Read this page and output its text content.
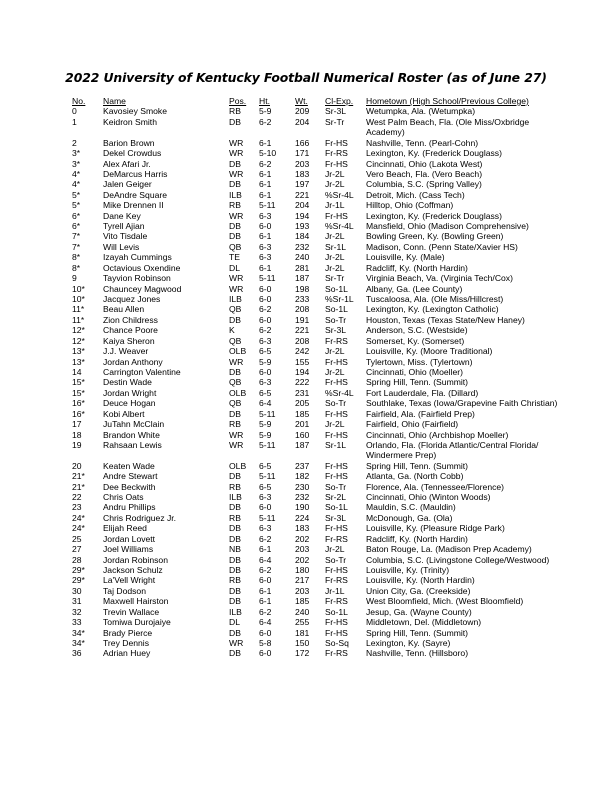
2022 University of Kentucky Football Numerical Roster (as of June 27)
No.	Name	Pos.	Ht.	Wt.	Cl-Exp.	Hometown (High School/Previous College)
0	Kavosiey Smoke	RB	5-9	209	Sr-3L	Wetumpka, Ala. (Wetumpka)
1	Keidron Smith	DB	6-2	204	Sr-Tr	West Palm Beach, Fla. (Ole Miss/Oxbridge Academy)
2	Barion Brown	WR	6-1	166	Fr-HS	Nashville, Tenn. (Pearl-Cohn)
3*	Dekel Crowdus	WR	5-10	171	Fr-RS	Lexington, Ky. (Frederick Douglass)
3*	Alex Afari Jr.	DB	6-2	203	Fr-HS	Cincinnati, Ohio (Lakota West)
4*	DeMarcus Harris	WR	6-1	183	Jr-2L	Vero Beach, Fla. (Vero Beach)
4*	Jalen Geiger	DB	6-1	197	Jr-2L	Columbia, S.C. (Spring Valley)
5*	DeAndre Square	ILB	6-1	221	%Sr-4L	Detroit, Mich. (Cass Tech)
5*	Mike Drennen II	RB	5-11	204	Jr-1L	Hilltop, Ohio (Coffman)
6*	Dane Key	WR	6-3	194	Fr-HS	Lexington, Ky. (Frederick Douglass)
6*	Tyrell Ajian	DB	6-0	193	%Sr-4L	Mansfield, Ohio (Madison Comprehensive)
7*	Vito Tisdale	DB	6-1	184	Jr-2L	Bowling Green, Ky. (Bowling Green)
7*	Will Levis	QB	6-3	232	Sr-1L	Madison, Conn. (Penn State/Xavier HS)
8*	Izayah Cummings	TE	6-3	240	Jr-2L	Louisville, Ky. (Male)
8*	Octavious Oxendine	DL	6-1	281	Jr-2L	Radcliff, Ky. (North Hardin)
9	Tayvion Robinson	WR	5-11	187	Sr-Tr	Virginia Beach, Va. (Virginia Tech/Cox)
10*	Chauncey Magwood	WR	6-0	198	So-1L	Albany, Ga. (Lee County)
10*	Jacquez Jones	ILB	6-0	233	%Sr-1L	Tuscaloosa, Ala. (Ole Miss/Hillcrest)
11*	Beau Allen	QB	6-2	208	So-1L	Lexington, Ky. (Lexington Catholic)
11*	Zion Childress	DB	6-0	191	So-Tr	Houston, Texas (Texas State/New Haney)
12*	Chance Poore	K	6-2	221	Sr-3L	Anderson, S.C. (Westside)
12*	Kaiya Sheron	QB	6-3	208	Fr-RS	Somerset, Ky. (Somerset)
13*	J.J. Weaver	OLB	6-5	242	Jr-2L	Louisville, Ky. (Moore Traditional)
13*	Jordan Anthony	WR	5-9	155	Fr-HS	Tylertown, Miss. (Tylertown)
14	Carrington Valentine	DB	6-0	194	Jr-2L	Cincinnati, Ohio (Moeller)
15*	Destin Wade	QB	6-3	222	Fr-HS	Spring Hill, Tenn. (Summit)
15*	Jordan Wright	OLB	6-5	231	%Sr-4L	Fort Lauderdale, Fla. (Dillard)
16*	Deuce Hogan	QB	6-4	205	So-Tr	Southlake, Texas (Iowa/Grapevine Faith Christian)
16*	Kobi Albert	DB	5-11	185	Fr-HS	Fairfield, Ala. (Fairfield Prep)
17	JuTahn McClain	RB	5-9	201	Jr-2L	Fairfield, Ohio (Fairfield)
18	Brandon White	WR	5-9	160	Fr-HS	Cincinnati, Ohio (Archbishop Moeller)
19	Rahsaan Lewis	WR	5-11	187	Sr-1L	Orlando, Fla. (Florida Atlantic/Central Florida/ Windermere Prep)
20	Keaten Wade	OLB	6-5	237	Fr-HS	Spring Hill, Tenn. (Summit)
21*	Andre Stewart	DB	5-11	182	Fr-HS	Atlanta, Ga. (North Cobb)
21*	Dee Beckwith	RB	6-5	230	So-Tr	Florence, Ala. (Tennessee/Florence)
22	Chris Oats	ILB	6-3	232	Sr-2L	Cincinnati, Ohio (Winton Woods)
23	Andru Phillips	DB	6-0	190	So-1L	Mauldin, S.C. (Mauldin)
24*	Chris Rodriguez Jr.	RB	5-11	224	Sr-3L	McDonough, Ga. (Ola)
24*	Elijah Reed	DB	6-3	183	Fr-HS	Louisville, Ky. (Pleasure Ridge Park)
25	Jordan Lovett	DB	6-2	202	Fr-RS	Radcliff, Ky. (North Hardin)
27	Joel Williams	NB	6-1	203	Jr-2L	Baton Rouge, La. (Madison Prep Academy)
28	Jordan Robinson	DB	6-4	202	So-Tr	Columbia, S.C. (Livingstone College/Westwood)
29*	Jackson Schulz	DB	6-2	180	Fr-HS	Louisville, Ky. (Trinity)
29*	La'Vell Wright	RB	6-0	217	Fr-RS	Louisville, Ky. (North Hardin)
30	Taj Dodson	DB	6-1	203	Jr-1L	Union City, Ga. (Creekside)
31	Maxwell Hairston	DB	6-1	185	Fr-RS	West Bloomfield, Mich. (West Bloomfield)
32	Trevin Wallace	ILB	6-2	240	So-1L	Jesup, Ga. (Wayne County)
33	Tomiwa Durojaiye	DL	6-4	255	Fr-HS	Middletown, Del. (Middletown)
34*	Brady Pierce	DB	6-0	181	Fr-HS	Spring Hill, Tenn. (Summit)
34*	Trey Dennis	WR	5-8	150	So-Sq	Lexington, Ky. (Sayre)
36	Adrian Huey	DB	6-0	172	Fr-RS	Nashville, Tenn. (Hillsboro)
